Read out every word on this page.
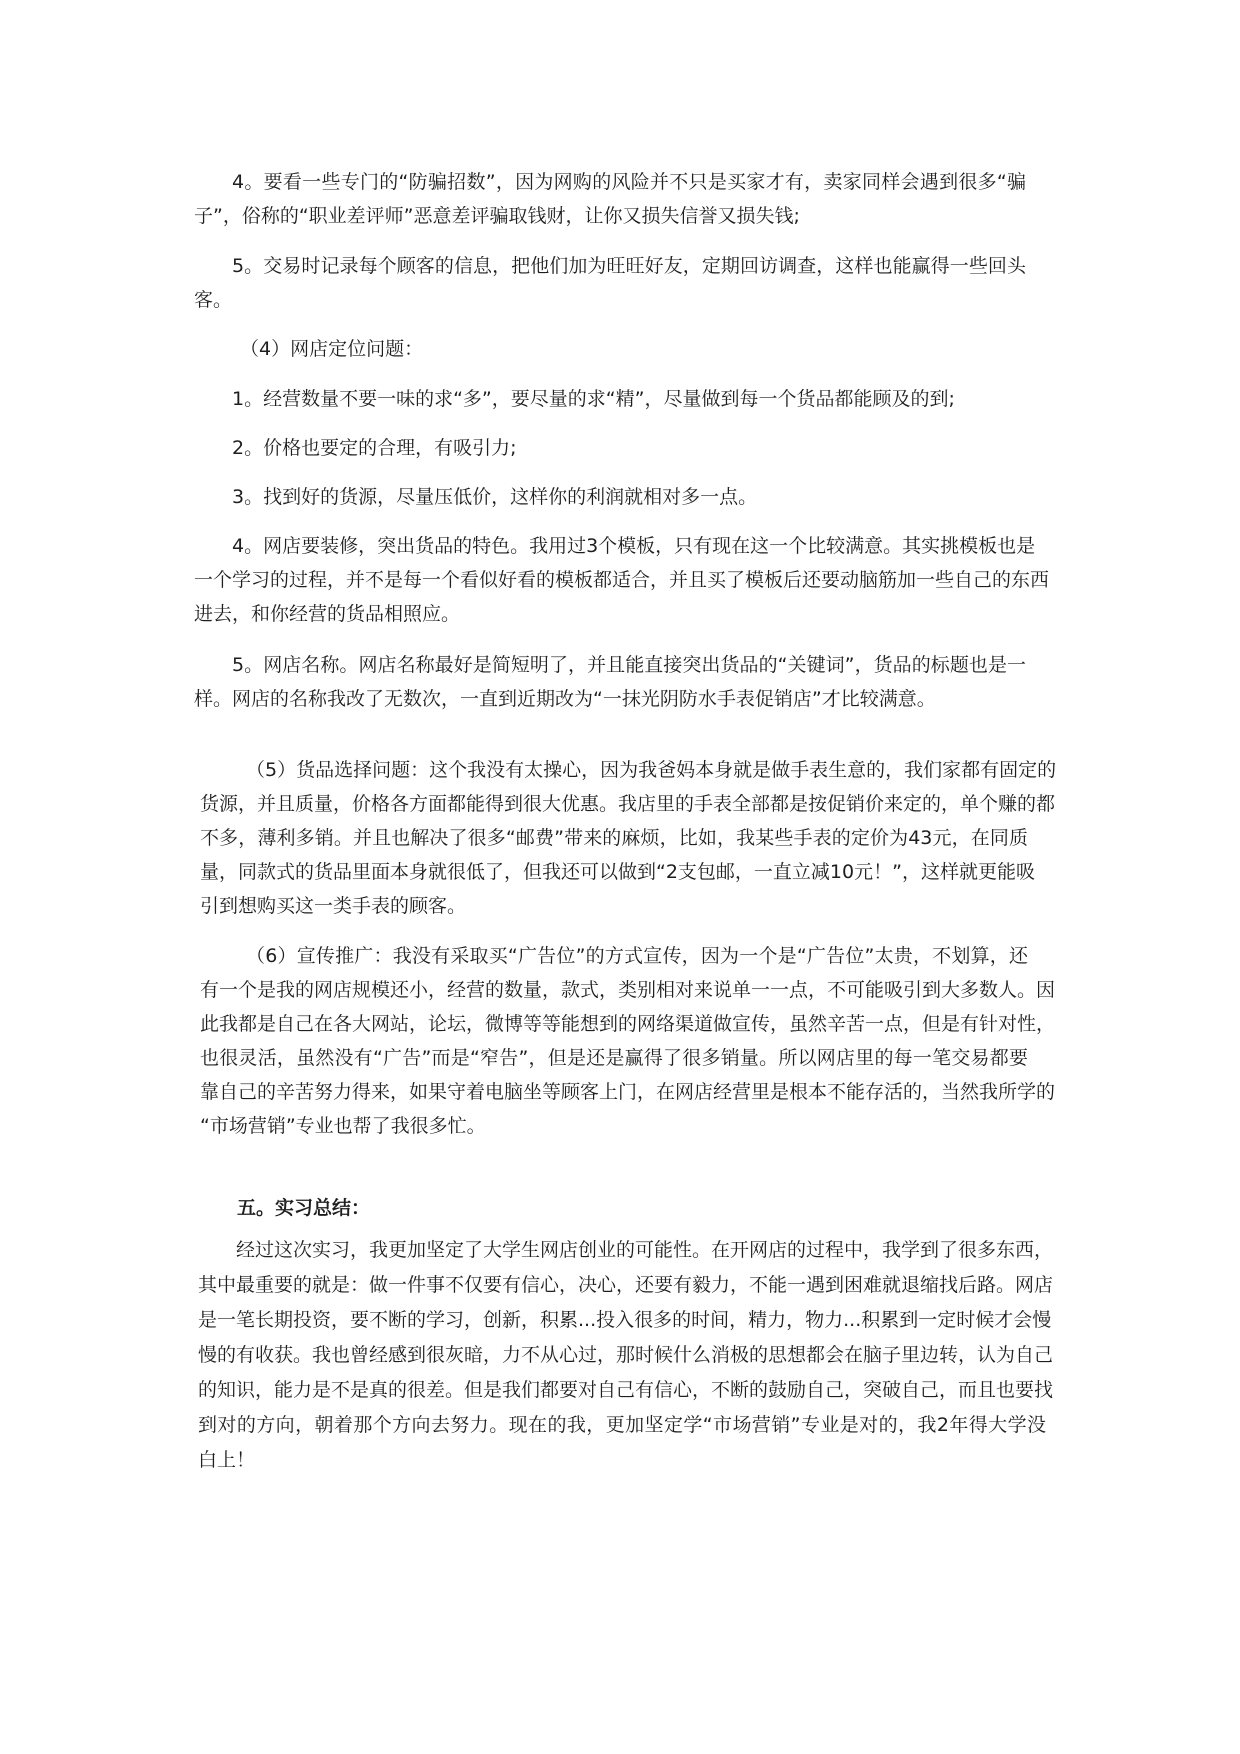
五。实习总结：
4。要看一些专门的“防骗招数”，因为网购的风险并不只是买家才有，卖家同样会遇到很多“骗
子”，俗称的“职业差评师”恶意差评骗取钱财，让你又损失信誉又损失钱;
5。交易时记录每个顾客的信息，把他们加为旺旺好友，定期回访调查，这样也能赢得一些回头
客。
（4）网店定位问题：
1。经营数量不要一味的求“多”，要尽量的求“精”，尽量做到每一个货品都能顾及的到;
2。价格也要定的合理，有吸引力;
3。找到好的货源，尽量压低价，这样你的利润就相对多一点。
4。网店要装修，突出货品的特色。我用过3个模板，只有现在这一个比较满意。其实挑模板也是
一个学习的过程，并不是每一个看似好看的模板都适合，并且买了模板后还要动脑筋加一些自己的东西
进去，和你经营的货品相照应。
5。网店名称。网店名称最好是简短明了，并且能直接突出货品的“关键词”，货品的标题也是一
样。网店的名称我改了无数次，一直到近期改为“一抹光阴防水手表促销店”才比较满意。
（5）货品选择问题：这个我没有太操心，因为我爸妈本身就是做手表生意的，我们家都有固定的
货源，并且质量，价格各方面都能得到很大优惠。我店里的手表全部都是按促销价来定的，单个赚的都
不多，薄利多销。并且也解决了很多“邮费”带来的麻烦，比如，我某些手表的定价为43元，在同质
量，同款式的货品里面本身就很低了，但我还可以做到“2支包邮，一直立减10元！”，这样就更能吸
引到想购买这一类手表的顾客。
（6）宣传推广：我没有采取买“广告位”的方式宣传，因为一个是“广告位”太贵，不划算，还
有一个是我的网店规模还小，经营的数量，款式，类别相对来说单一一点，不可能吸引到大多数人。因
此我都是自己在各大网站，论坛，微博等等能想到的网络渠道做宣传，虽然辛苦一点，但是有针对性，
也很灵活，虽然没有“广告”而是“窄告”，但是还是赢得了很多销量。所以网店里的每一笔交易都要
靠自己的辛苦努力得来，如果守着电脑坐等顾客上门，在网店经营里是根本不能存活的，当然我所学的
“市场营销”专业也帮了我很多忙。
经过这次实习，我更加坚定了大学生网店创业的可能性。在开网店的过程中，我学到了很多东西，
其中最重要的就是：做一件事不仅要有信心，决心，还要有毅力，不能一遇到困难就退缩找后路。网店
是一笔长期投资，要不断的学习，创新，积累...投入很多的时间，精力，物力...积累到一定时候才会慢
慢的有收获。我也曾经感到很灰暗，力不从心过，那时候什么消极的思想都会在脑子里边转，认为自己
的知识，能力是不是真的很差。但是我们都要对自己有信心，不断的鼓励自己，突破自己，而且也要找
到对的方向，朝着那个方向去努力。现在的我，更加坚定学“市场营销”专业是对的，我2年得大学没
白上！
